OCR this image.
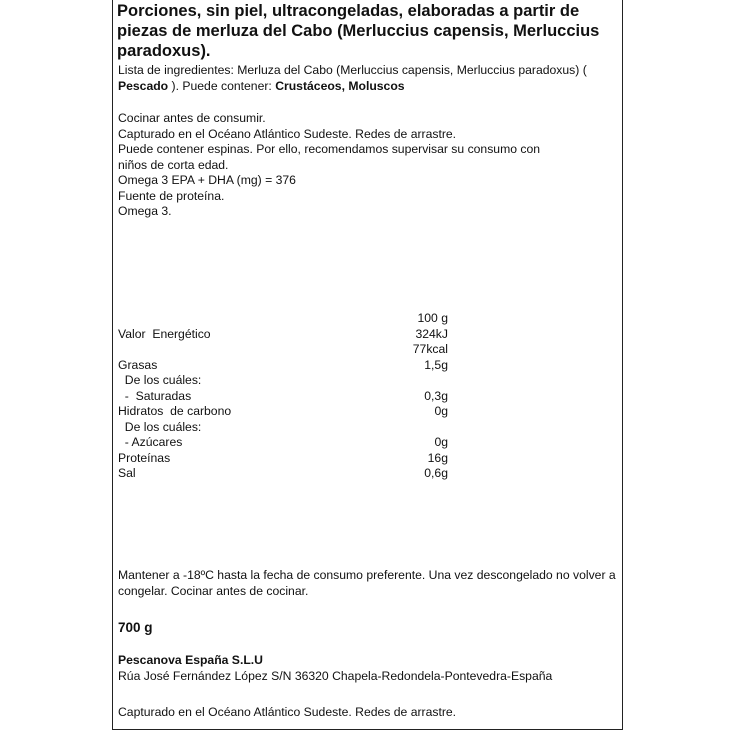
Porciones, sin piel, ultracongeladas, elaboradas a partir de piezas de merluza del Cabo (Merluccius capensis, Merluccius paradoxus).
Lista de ingredientes: Merluza del Cabo (Merluccius capensis, Merluccius paradoxus) ( Pescado ). Puede contener: Crustáceos, Moluscos
Cocinar antes de consumir.
Capturado en el Océano Atlántico Sudeste. Redes de arrastre.
Puede contener espinas. Por ello, recomendamos supervisar su consumo con
niños de corta edad.
Omega 3 EPA + DHA (mg) = 376
Fuente de proteína.
Omega 3.
100 g
Valor  Energético	324kJ
77kcal
Grasas	1,5g
De los cuáles:
-  Saturadas	0,3g
Hidratos  de carbono	0g
De los cuáles:
- Azúcares	0g
Proteínas	16g
Sal	0,6g
Mantener a -18ºC hasta la fecha de consumo preferente. Una vez descongelado no volver a congelar. Cocinar antes de cocinar.
700 g
Pescanova España S.L.U
Rúa José Fernández López S/N 36320 Chapela-Redondela-Pontevedra-España
Capturado en el Océano Atlántico Sudeste. Redes de arrastre.
